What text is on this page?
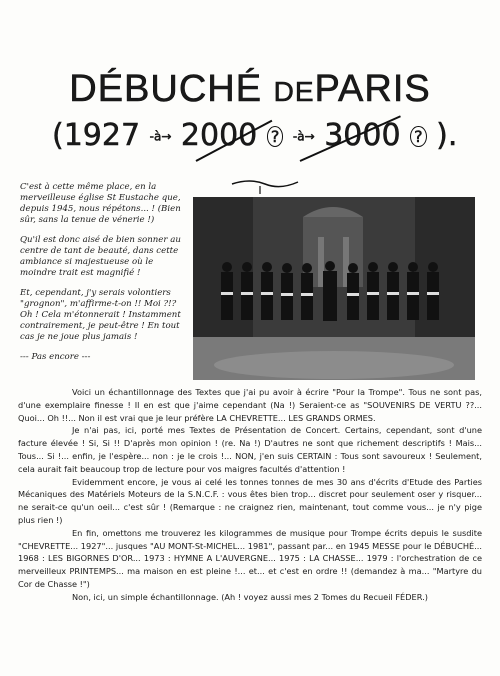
DÉBUCHÉ DEPARIS
(1927 -à→ 2000 ? -à→ 3000 ? ).

C'est à cette même place, en la merveilleuse église St Eustache que, depuis 1945, nous répétons... ! (Bien sûr, sans la tenue de vénerie !)

Qu'il est donc aisé de bien sonner au centre de tant de beauté, dans cette ambiance si majestueuse où le moindre trait est magnifié !

Et, cependant, j'y serais volontiers "grognon", m'affirme-t-on !! Moi ?!? Oh ! Cela m'étonnerait ! Instamment contrairement, je peut-être ! En tout cas je ne joue plus jamais !

--- Pas encore ---

Voici un échantillonnage des Textes que j'ai pu avoir à écrire "Pour la Trompe". Tous ne sont pas, d'une exemplaire finesse ! Il en est que j'aime cependant (Na !) Seraient-ce as "SOUVENIRS DE VERTU ??... Quoi... Oh !!... Non il est vrai que je leur préfère LA CHEVRETTE... LES GRANDS ORMES.

Je n'ai pas, ici, porté mes Textes de Présentation de Concert. Certains, cependant, sont d'une facture élevée ! Si, Si !! D'après mon opinion ! (re. Na !) D'autres ne sont que richement descriptifs ! Mais... Tous... Si !... enfin, je l'espère... non : je le crois !... NON, j'en suis CERTAIN : Tous sont savoureux ! Seulement, cela aurait fait beaucoup trop de lecture pour vos maigres facultés d'attention !

Evidemment encore, je vous ai celé les tonnes tonnes de mes 30 ans d'écrits d'Etude des Parties Mécaniques des Matériels Moteurs de la S.N.C.F. : vous êtes bien trop... discret pour seulement oser y risquer... ne serait-ce qu'un oeil... c'est sûr ! (Remarque : ne craignez rien, maintenant, tout comme vous... je n'y pige plus rien !)

En fin, omettons me trouverez les kilogrammes de musique pour Trompe écrits depuis le susdite "CHEVRETTE... 1927"... jusques "AU MONT-St-MICHEL... 1981", passant par... en 1945 MESSE pour le DÉBUCHÉ... 1968 : LES BIGORNES D'OR... 1973 : HYMNE A L'AUVERGNE... 1975 : LA CHASSE... 1979 : l'orchestration de ce merveilleux PRINTEMPS... ma maison en est pleine !... et... et c'est en ordre !! (demandez à ma... "Martyre du Cor de Chasse !")

Non, ici, un simple échantillonnage. (Ah ! voyez aussi mes 2 Tomes du Recueil FÉDER.)
